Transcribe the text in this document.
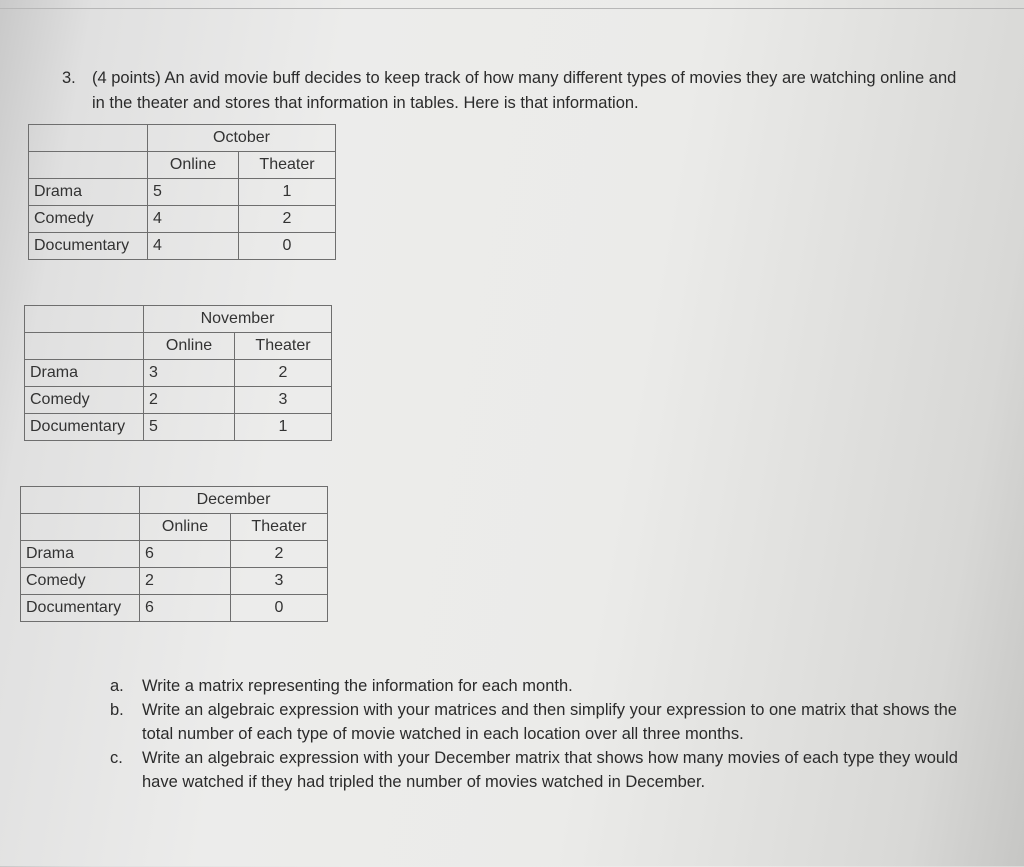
3. (4 points) An avid movie buff decides to keep track of how many different types of movies they are watching online and in the theater and stores that information in tables. Here is that information.
	October	
	Online	Theater
Drama	5	1
Comedy	4	2
Documentary	4	0
	November	
	Online	Theater
Drama	3	2
Comedy	2	3
Documentary	5	1
	December	
	Online	Theater
Drama	6	2
Comedy	2	3
Documentary	6	0
a. Write a matrix representing the information for each month.
b. Write an algebraic expression with your matrices and then simplify your expression to one matrix that shows the total number of each type of movie watched in each location over all three months.
c. Write an algebraic expression with your December matrix that shows how many movies of each type they would have watched if they had tripled the number of movies watched in December.
